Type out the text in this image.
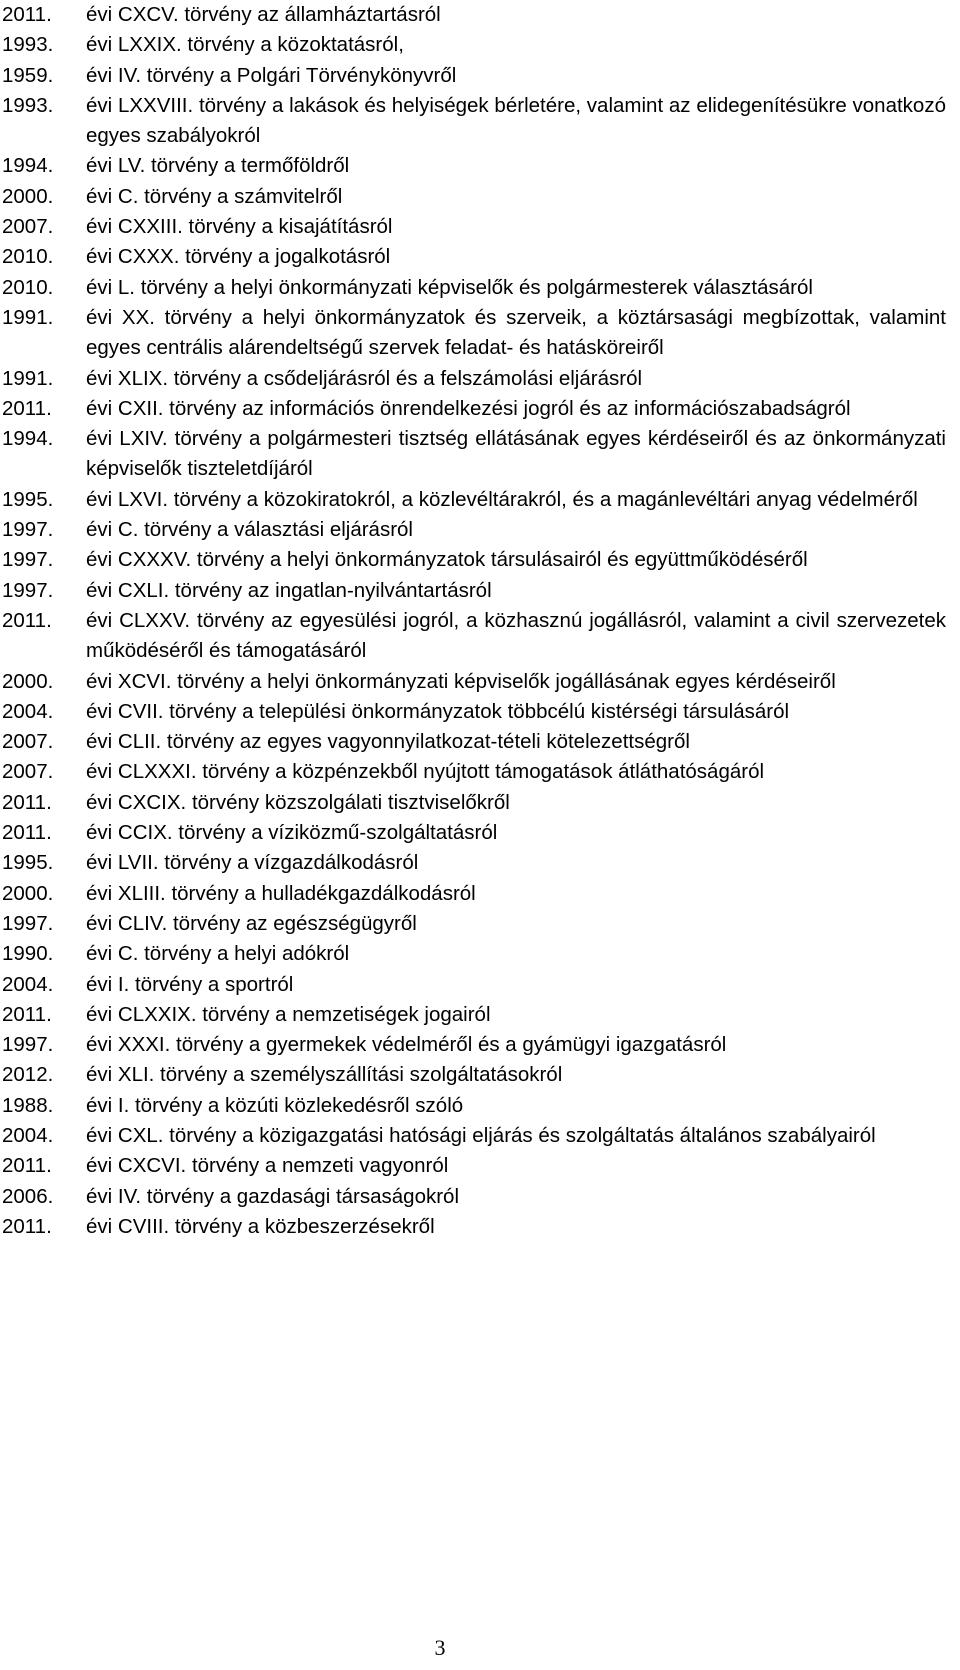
2011. évi CXCV. törvény az államháztartásról
1993. évi LXXIX. törvény a közoktatásról,
1959. évi IV. törvény a Polgári Törvénykönyvről
1993. évi LXXVIII. törvény a lakások és helyiségek bérletére, valamint az elidegenítésükre vonatkozó egyes szabályokról
1994. évi LV. törvény a termőföldről
2000. évi C. törvény a számvitelről
2007. évi CXXIII. törvény a kisajátításról
2010. évi CXXX. törvény a jogalkotásról
2010. évi L. törvény a helyi önkormányzati képviselők és polgármesterek választásáról
1991. évi XX. törvény a helyi önkormányzatok és szerveik, a köztársasági megbízottak, valamint egyes centrális alárendeltségű szervek feladat- és hatásköreiről
1991. évi XLIX. törvény a csődeljárásról és a felszámolási eljárásról
2011. évi CXII. törvény az információs önrendelkezési jogról és az információszabadságról
1994. évi LXIV. törvény a polgármesteri tisztség ellátásának egyes kérdéseiről és az önkormányzati képviselők tiszteletdíjáról
1995. évi LXVI. törvény a közokiratokról, a közlevéltárakról, és a magánlevéltári anyag védelméről
1997. évi C. törvény a választási eljárásról
1997. évi CXXXV. törvény a helyi önkormányzatok társulásairól és együttműködéséről
1997. évi CXLI. törvény az ingatlan-nyilvántartásról
2011. évi CLXXV. törvény az egyesülési jogról, a közhasznú jogállásról, valamint a civil szervezetek működéséről és támogatásáról
2000. évi XCVI. törvény a helyi önkormányzati képviselők jogállásának egyes kérdéseiről
2004. évi CVII. törvény a települési önkormányzatok többcélú kistérségi társulásáról
2007. évi CLII. törvény az egyes vagyonnyilatkozat-tételi kötelezettségről
2007. évi CLXXXI. törvény a közpénzekből nyújtott támogatások átláthatóságáról
2011. évi CXCIX. törvény közszolgálati tisztviselőkről
2011. évi CCIX. törvény a víziközmű-szolgáltatásról
1995. évi LVII. törvény a vízgazdálkodásról
2000. évi XLIII. törvény a hulladékgazdálkodásról
1997. évi CLIV. törvény az egészségügyről
1990. évi C. törvény a helyi adókról
2004. évi I. törvény a sportról
2011. évi CLXXIX. törvény a nemzetiségek jogairól
1997. évi XXXI. törvény a gyermekek védelméről és a gyámügyi igazgatásról
2012. évi XLI. törvény a személyszállítási szolgáltatásokról
1988. évi I. törvény a közúti közlekedésről szóló
2004. évi CXL. törvény a közigazgatási hatósági eljárás és szolgáltatás általános szabályairól
2011. évi CXCVI. törvény a nemzeti vagyonról
2006. évi IV. törvény a gazdasági társaságokról
2011. évi CVIII. törvény a közbeszerzésekről
3
